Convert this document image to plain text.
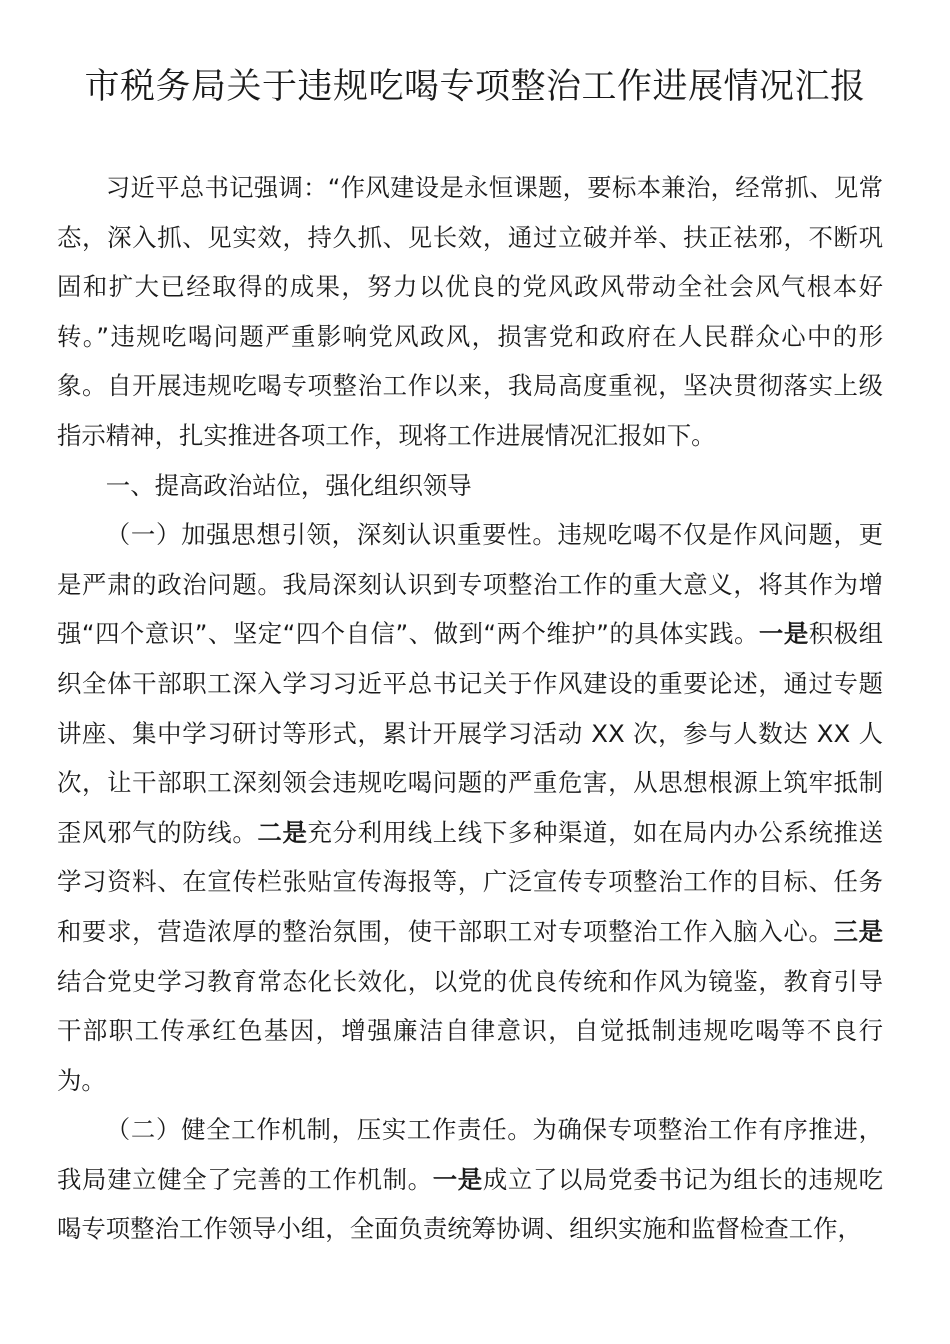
市税务局关于违规吃喝专项整治工作进展情况汇报

习近平总书记强调：“作风建设是永恒课题，要标本兼治，经常抓、见常态，深入抓、见实效，持久抓、见长效，通过立破并举、扶正祛邪，不断巩固和扩大已经取得的成果，努力以优良的党风政风带动全社会风气根本好转。”违规吃喝问题严重影响党风政风，损害党和政府在人民群众心中的形象。自开展违规吃喝专项整治工作以来，我局高度重视，坚决贯彻落实上级指示精神，扎实推进各项工作，现将工作进展情况汇报如下。

一、提高政治站位，强化组织领导

（一）加强思想引领，深刻认识重要性。违规吃喝不仅是作风问题，更是严肃的政治问题。我局深刻认识到专项整治工作的重大意义，将其作为增强“四个意识”、坚定“四个自信”、做到“两个维护”的具体实践。一是积极组织全体干部职工深入学习习近平总书记关于作风建设的重要论述，通过专题讲座、集中学习研讨等形式，累计开展学习活动 XX 次，参与人数达 XX 人次，让干部职工深刻领会违规吃喝问题的严重危害，从思想根源上筑牢抵制歪风邪气的防线。二是充分利用线上线下多种渠道，如在局内办公系统推送学习资料、在宣传栏张贴宣传海报等，广泛宣传专项整治工作的目标、任务和要求，营造浓厚的整治氛围，使干部职工对专项整治工作入脑入心。三是结合党史学习教育常态化长效化，以党的优良传统和作风为镜鉴，教育引导干部职工传承红色基因，增强廉洁自律意识，自觉抵制违规吃喝等不良行为。

（二）健全工作机制，压实工作责任。为确保专项整治工作有序推进，我局建立健全了完善的工作机制。一是成立了以局党委书记为组长的违规吃喝专项整治工作领导小组，全面负责统筹协调、组织实施和监督检查工作，
